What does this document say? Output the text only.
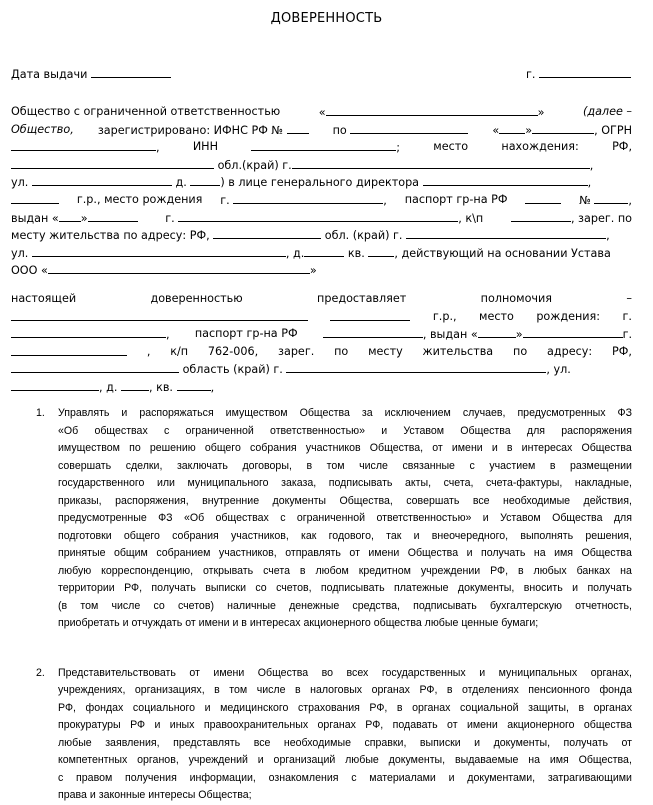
ДОВЕРЕННОСТЬ
Дата выдачи	г.
Общество с ограниченной ответственностью	«	»	(далее –
Общество, зарегистрировано: ИФНС РФ №	по	« »	, ОГРН
,	ИНН	;	место	нахождения:	РФ,
обл.(край) г.	,
ул.	д.	) в лице генерального директора	,
г.р., место рождения г.	, паспорт гр-на РФ	№	,
выдан « »	г.	, к\п	, зарег. по
месту жительства по адресу: РФ,	обл. (край) г.	,
ул.	, д.	кв.	, действующий на основании Устава
ООО «	»
настоящей	доверенностью	предоставляет	полномочия	–
г.р., место рождения: г.
, паспорт гр-на РФ	, выдан «	»	г.
, к/п 762-006, зарег. по месту жительства по адресу: РФ,
область (край) г.	, ул.
, д.	, кв.	,
1. Управлять и распоряжаться имуществом Общества за исключением случаев, предусмотренных ФЗ
«Об обществах с ограниченной ответственностью» и Уставом Общества для распоряжения
имуществом по решению общего собрания участников Общества, от имени и в интересах Общества
совершать сделки, заключать договоры, в том числе связанные с участием в размещении
государственного или муниципального заказа, подписывать акты, счета, счета-фактуры, накладные,
приказы, распоряжения, внутренние документы Общества, совершать все необходимые действия,
предусмотренные ФЗ «Об обществах с ограниченной ответственностью» и Уставом Общества для
подготовки общего собрания участников, как годового, так и внеочередного, выполнять решения,
принятые общим собранием участников, отправлять от имени Общества и получать на имя Общества
любую корреспонденцию, открывать счета в любом кредитном учреждении РФ, в любых банках на
территории РФ, получать выписки со счетов, подписывать платежные документы, вносить и получать
(в том числе со счетов) наличные денежные средства, подписывать бухгалтерскую отчетность,
приобретать и отчуждать от имени и в интересах акционерного общества любые ценные бумаги;
2. Представительствовать от имени Общества во всех государственных и муниципальных органах,
учреждениях, организациях, в том числе в налоговых органах РФ, в отделениях пенсионного фонда
РФ, фондах социального и медицинского страхования РФ, в органах социальной защиты, в органах
прокуратуры РФ и иных правоохранительных органах РФ, подавать от имени акционерного общества
любые заявления, представлять все необходимые справки, выписки и документы, получать от
компетентных органов, учреждений и организаций любые документы, выдаваемые на имя Общества,
с правом получения информации, ознакомления с материалами и документами, затрагивающими
права и законные интересы Общества;
